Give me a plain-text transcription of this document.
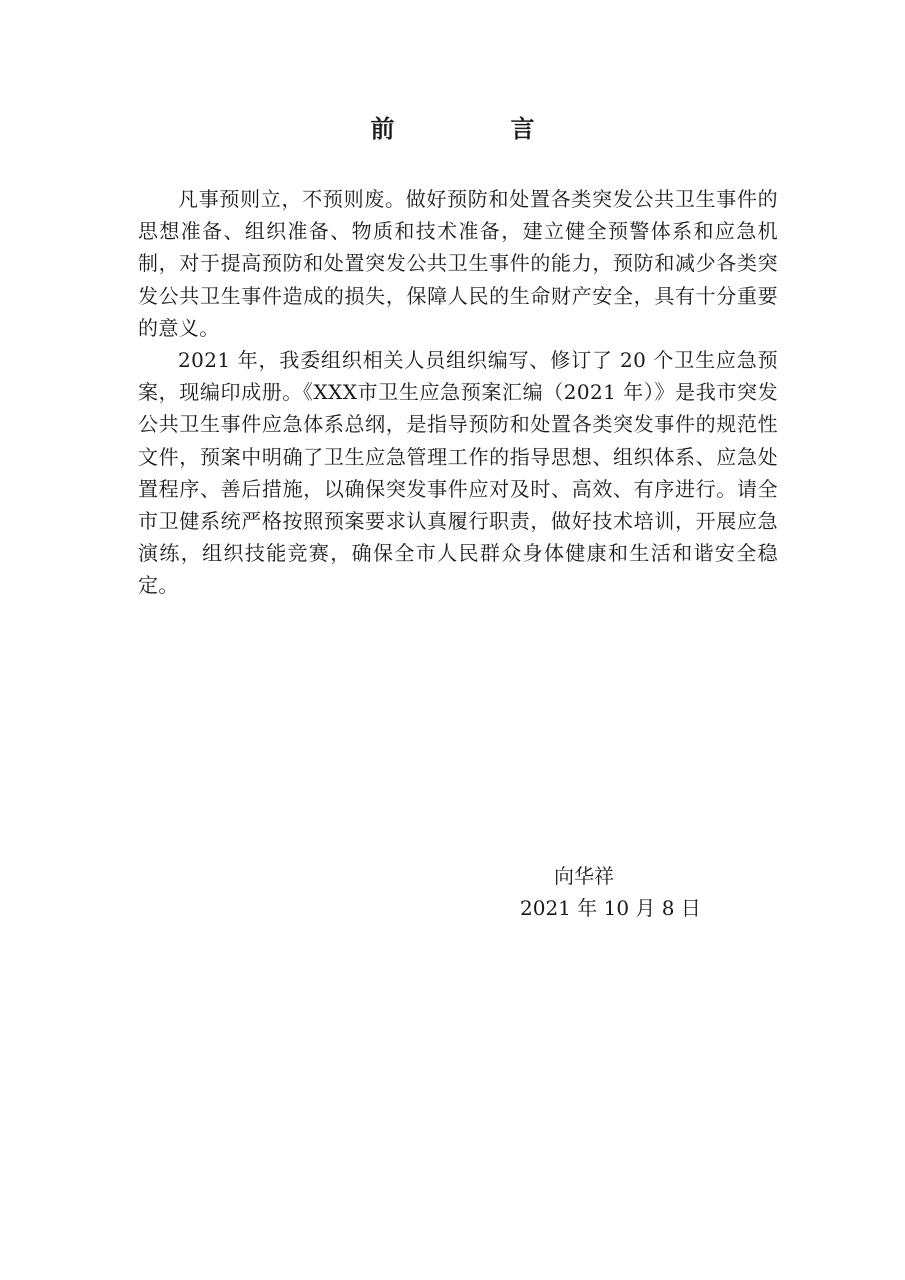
前　言

凡事预则立，不预则废。做好预防和处置各类突发公共卫生事件的思想准备、组织准备、物质和技术准备，建立健全预警体系和应急机制，对于提高预防和处置突发公共卫生事件的能力，预防和减少各类突发公共卫生事件造成的损失，保障人民的生命财产安全，具有十分重要的意义。

2021 年，我委组织相关人员组织编写、修订了 20 个卫生应急预案，现编印成册。《XXX市卫生应急预案汇编（2021 年）》是我市突发公共卫生事件应急体系总纲，是指导预防和处置各类突发事件的规范性文件，预案中明确了卫生应急管理工作的指导思想、组织体系、应急处置程序、善后措施，以确保突发事件应对及时、高效、有序进行。请全市卫健系统严格按照预案要求认真履行职责，做好技术培训，开展应急演练，组织技能竞赛，确保全市人民群众身体健康和生活和谐安全稳定。

向华祥
2021 年 10 月 8 日
